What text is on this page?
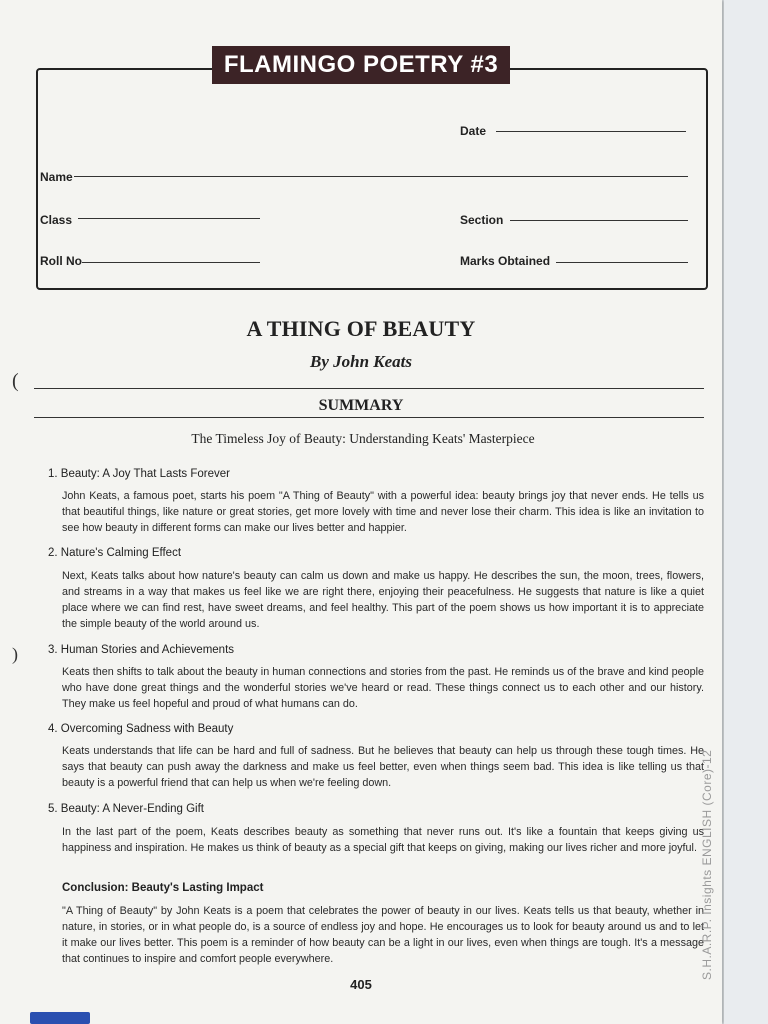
FLAMINGO POETRY #3
Date
Name
Class	Section
Roll No	Marks Obtained
A THING OF BEAUTY
By John Keats
SUMMARY
The Timeless Joy of Beauty: Understanding Keats' Masterpiece
1. Beauty: A Joy That Lasts Forever
John Keats, a famous poet, starts his poem "A Thing of Beauty" with a powerful idea: beauty brings joy that never ends. He tells us that beautiful things, like nature or great stories, get more lovely with time and never lose their charm. This idea is like an invitation to see how beauty in different forms can make our lives better and happier.
2. Nature's Calming Effect
Next, Keats talks about how nature's beauty can calm us down and make us happy. He describes the sun, the moon, trees, flowers, and streams in a way that makes us feel like we are right there, enjoying their peacefulness. He suggests that nature is like a quiet place where we can find rest, have sweet dreams, and feel healthy. This part of the poem shows us how important it is to appreciate the simple beauty of the world around us.
3. Human Stories and Achievements
Keats then shifts to talk about the beauty in human connections and stories from the past. He reminds us of the brave and kind people who have done great things and the wonderful stories we've heard or read. These things connect us to each other and our history. They make us feel hopeful and proud of what humans can do.
4. Overcoming Sadness with Beauty
Keats understands that life can be hard and full of sadness. But he believes that beauty can help us through these tough times. He says that beauty can push away the darkness and make us feel better, even when things seem bad. This idea is like telling us that beauty is a powerful friend that can help us when we're feeling down.
5. Beauty: A Never-Ending Gift
In the last part of the poem, Keats describes beauty as something that never runs out. It's like a fountain that keeps giving us happiness and inspiration. He makes us think of beauty as a special gift that keeps on giving, making our lives richer and more joyful.
Conclusion: Beauty's Lasting Impact
"A Thing of Beauty" by John Keats is a poem that celebrates the power of beauty in our lives. Keats tells us that beauty, whether in nature, in stories, or in what people do, is a source of endless joy and hope. He encourages us to look for beauty around us and to let it make our lives better. This poem is a reminder of how beauty can be a light in our lives, even when things are tough. It's a message that continues to inspire and comfort people everywhere.
405
S.H.A.R.P. Insights ENGLISH (Core)-12
(
)
